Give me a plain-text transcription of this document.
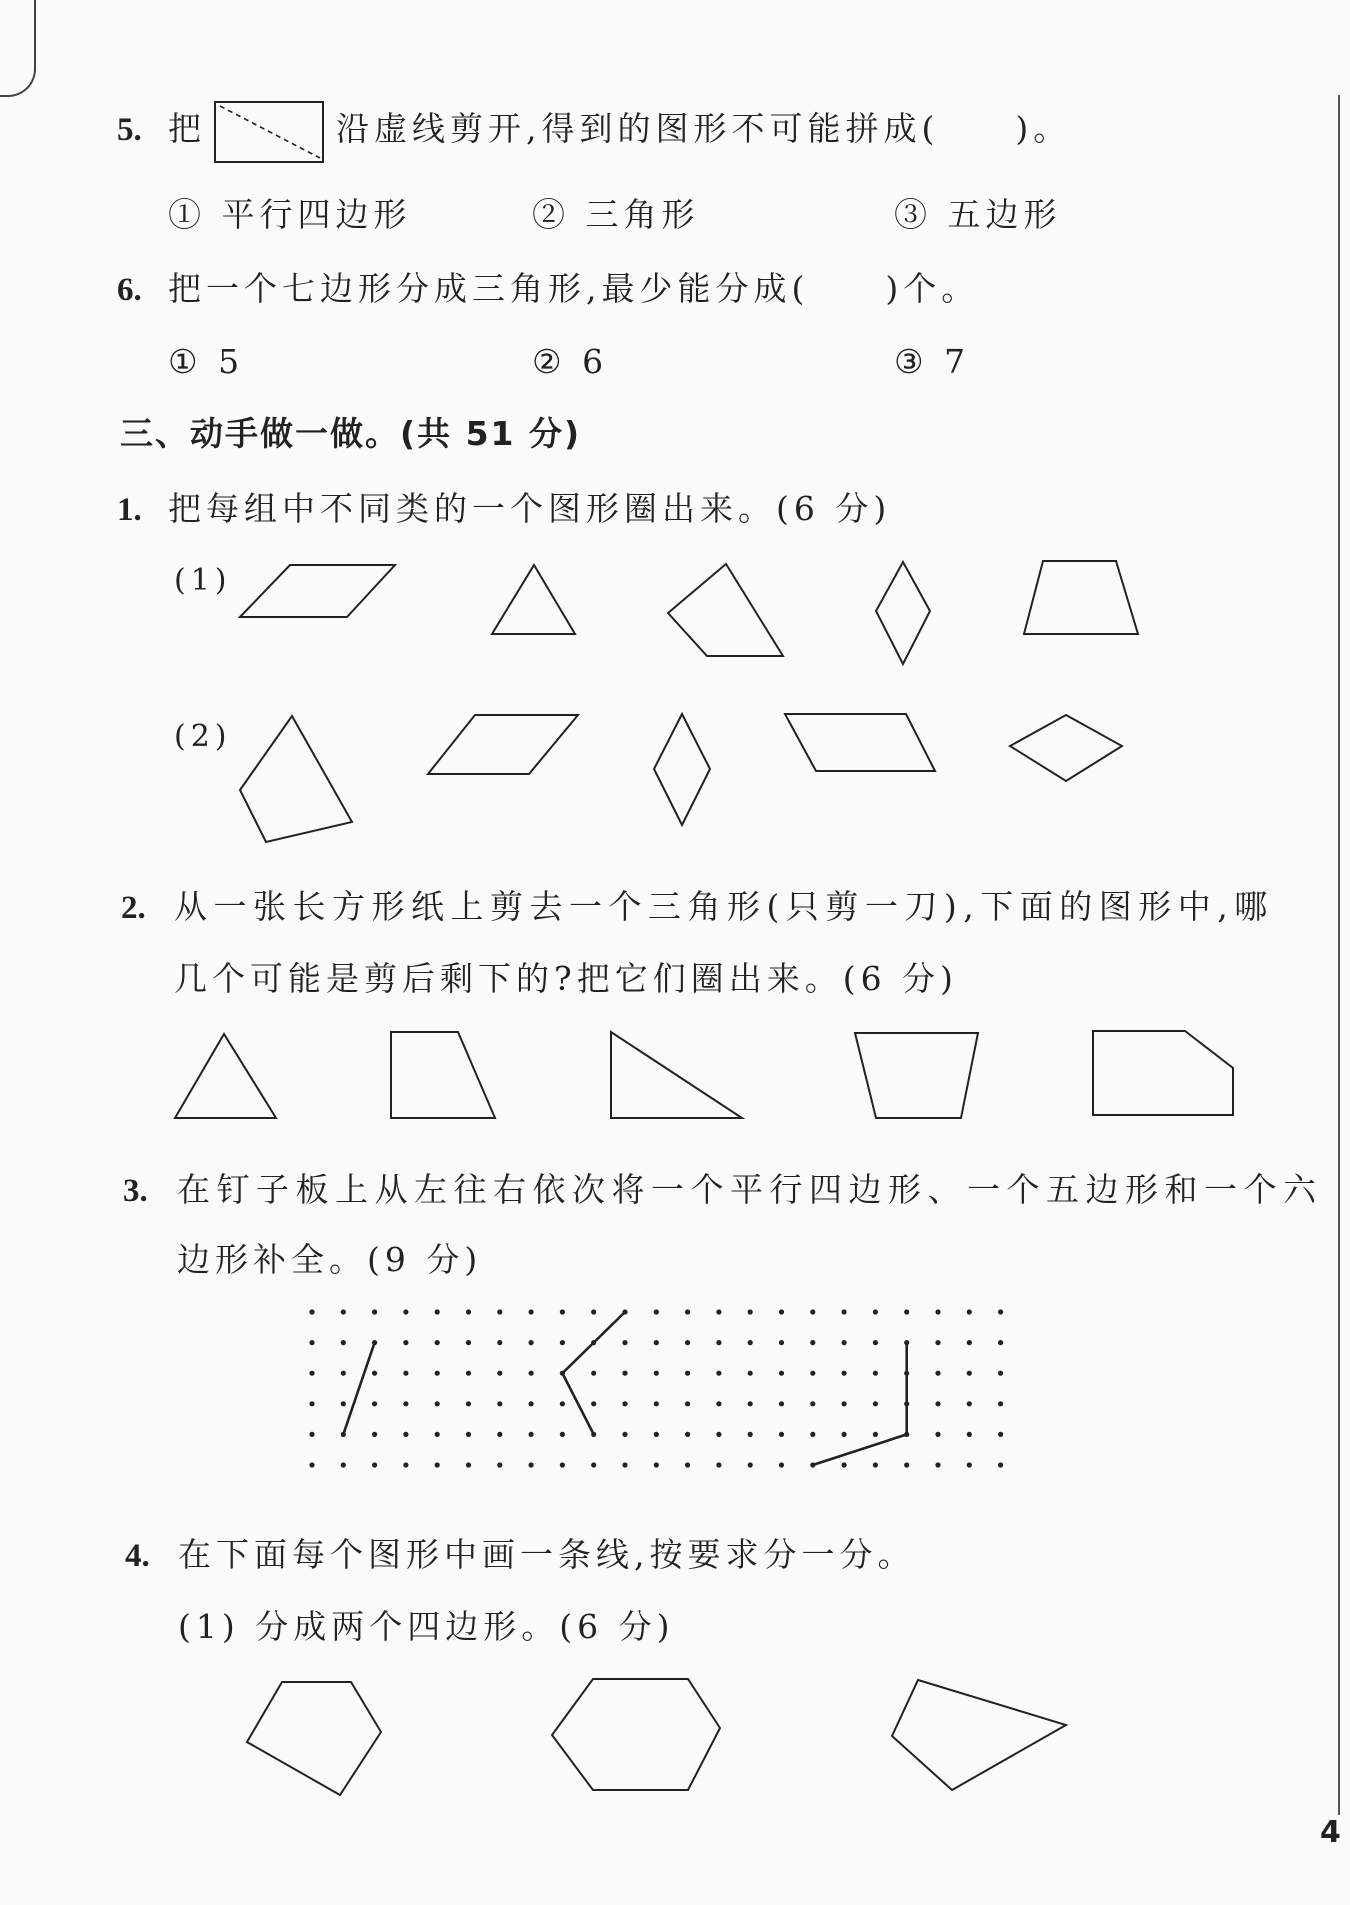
5. 把	沿虚线剪开,得到的图形不可能拼成(　　)。
① 平行四边形	② 三角形	③ 五边形
6. 把一个七边形分成三角形,最少能分成(　　)个。
① 5	② 6	③ 7
三、动手做一做。(共 51 分)
1. 把每组中不同类的一个图形圈出来。(6 分)
(1)
(2)
2. 从一张长方形纸上剪去一个三角形(只剪一刀),下面的图形中,哪
几个可能是剪后剩下的?把它们圈出来。(6 分)
3. 在钉子板上从左往右依次将一个平行四边形、一个五边形和一个六
边形补全。(9 分)
4. 在下面每个图形中画一条线,按要求分一分。
(1) 分成两个四边形。(6 分)
4
